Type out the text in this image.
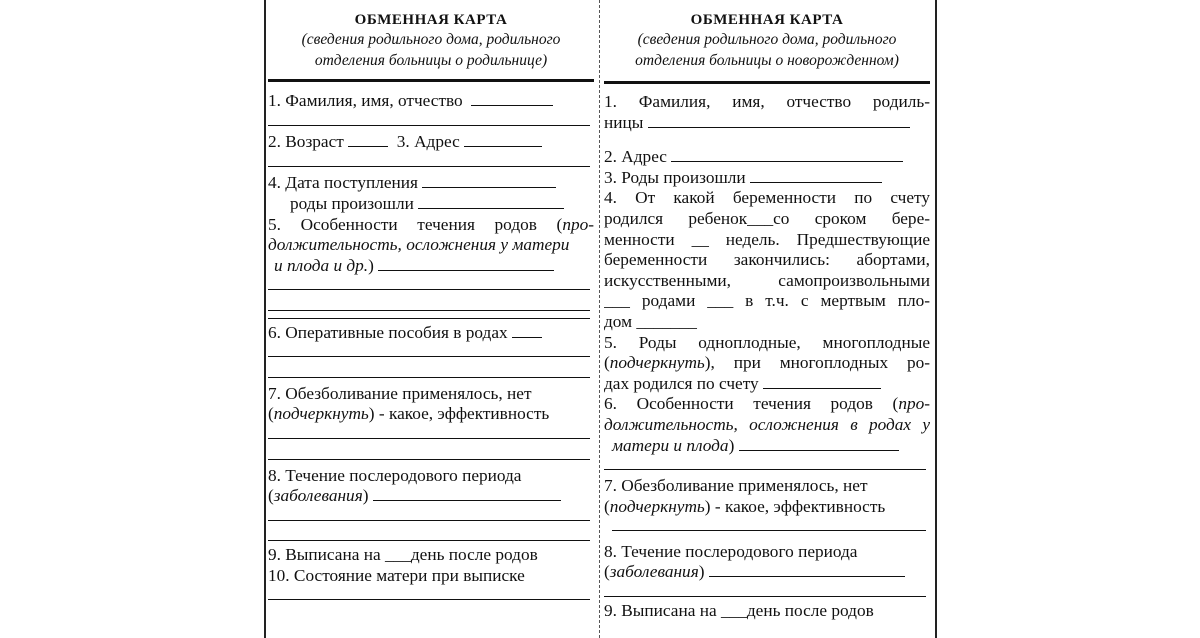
ОБМЕННАЯ КАРТА
(сведения родильного дома, родильного
отделения больницы о родильнице)
1. Фамилия, имя, отчество
2. Возраст	3. Адрес
4. Дата поступления
роды произошли
5. Особенности течения родов (про-
должительность, осложнения у матери
и плода и др.)
6. Оперативные пособия в родах
7. Обезболивание применялось, нет
(подчеркнуть) - какое, эффективность
8. Течение послеродового периода
(заболевания)
9. Выписана на ___день после родов
10. Состояние матери при выписке
ОБМЕННАЯ КАРТА
(сведения родильного дома, родильного
отделения больницы о новорожденном)
1. Фамилия, имя, отчество родиль-
ницы
2. Адрес
3. Роды произошли
4. От какой беременности по счету
родился ребенок___со сроком бере-
менности __ недель. Предшествующие
беременности закончились: абортами,
искусственными, самопроизвольными
___ родами ___ в т.ч. с мертвым пло-
дом _______
5. Роды одноплодные, многоплодные
(подчеркнуть), при многоплодных ро-
дах родился по счету
6. Особенности течения родов (про-
должительность, осложнения в родах у
матери и плода)
7. Обезболивание применялось, нет
(подчеркнуть) - какое, эффективность
8. Течение послеродового периода
(заболевания)
9. Выписана на ___день после родов
